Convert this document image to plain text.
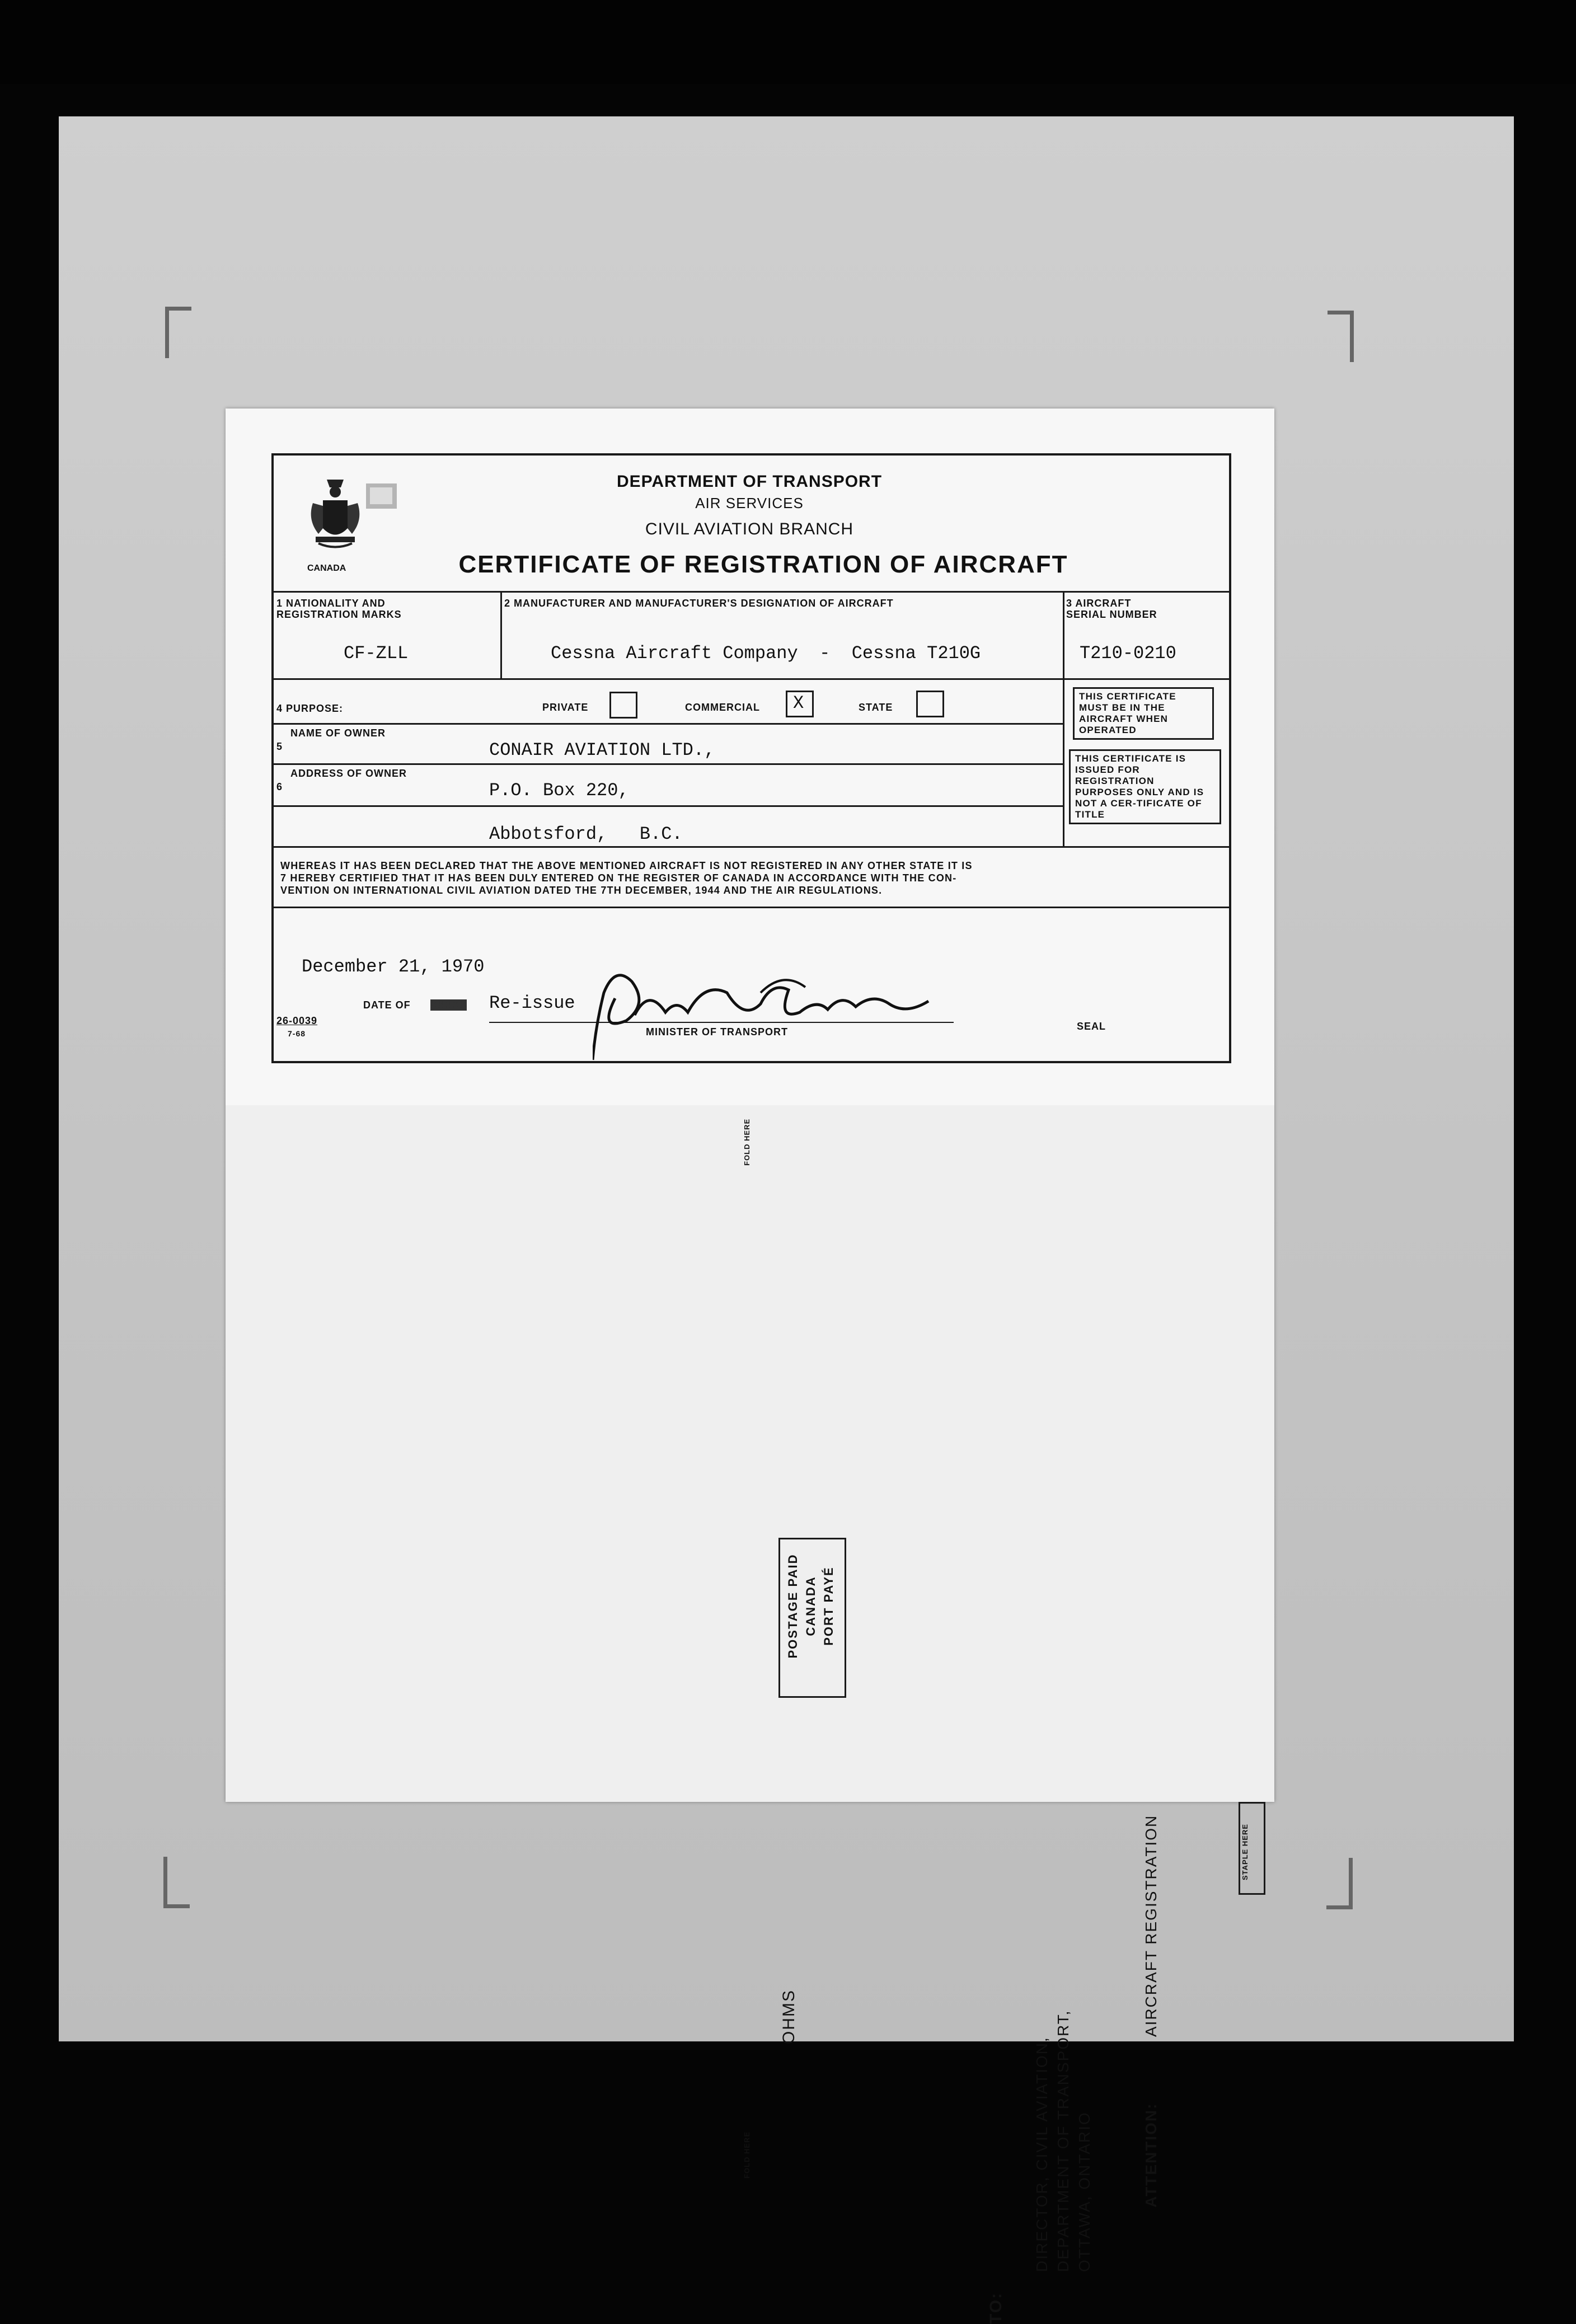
CANADA
DEPARTMENT OF TRANSPORT
AIR SERVICES
CIVIL AVIATION BRANCH
CERTIFICATE OF REGISTRATION OF AIRCRAFT
1 NATIONALITY AND
REGISTRATION MARKS
CF-ZLL
2 MANUFACTURER AND MANUFACTURER'S DESIGNATION OF AIRCRAFT
Cessna Aircraft Company  -  Cessna T210G
3 AIRCRAFT
SERIAL NUMBER
T210-0210
4 PURPOSE:	PRIVATE	COMMERCIAL X	STATE
THIS CERTIFICATE MUST BE IN THE AIRCRAFT WHEN OPERATED
THIS CERTIFICATE IS ISSUED FOR REGISTRATION PURPOSES ONLY AND IS NOT A CER-TIFICATE OF TITLE
5
NAME OF OWNER
CONAIR AVIATION LTD.,
6
ADDRESS OF OWNER
P.O. Box 220,
Abbotsford,   B.C.
WHEREAS IT HAS BEEN DECLARED THAT THE ABOVE MENTIONED AIRCRAFT IS NOT REGISTERED IN ANY OTHER STATE IT IS
7 HEREBY CERTIFIED THAT IT HAS BEEN DULY ENTERED ON THE REGISTER OF CANADA IN ACCORDANCE WITH THE CON-
VENTION ON INTERNATIONAL CIVIL AVIATION DATED THE 7TH DECEMBER, 1944 AND THE AIR REGULATIONS.
December 21, 1970
DATE OF XXXXX Re-issue
MINISTER OF TRANSPORT	SEAL
26-0039
7-68
FOLD HERE
POSTAGE PAID CANADA PORT PAYÉ
OHMS
TO:
DIRECTOR, CIVIL AVIATION, DEPARTMENT OF TRANSPORT, OTTAWA, ONTARIO
AIRCRAFT REGISTRATION
ATTENTION:
STAPLE HERE
FOLD HERE
